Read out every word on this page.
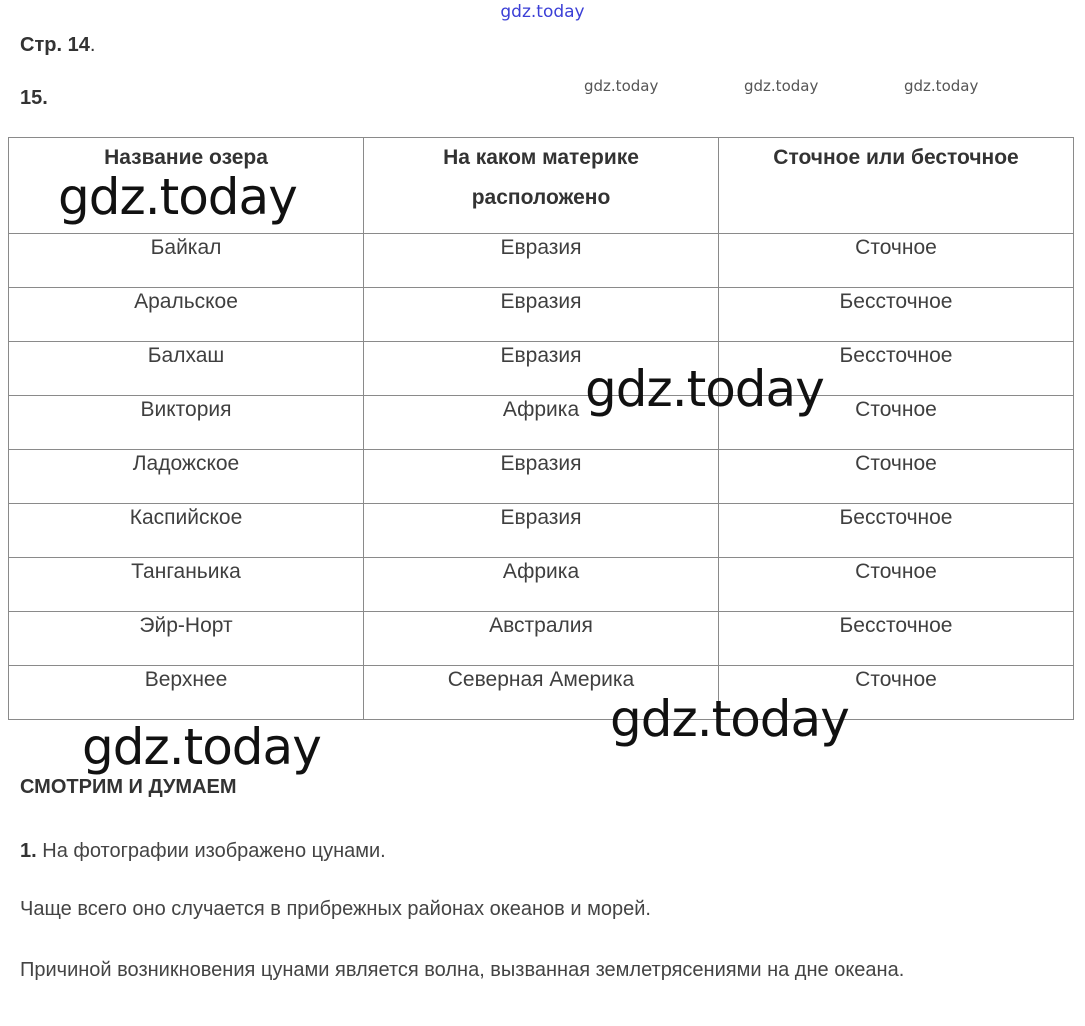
gdz.today
gdz.today	gdz.today	gdz.today
Стр. 14.
15.
Название озера	На каком материке расположено	Сточное или бесточное
Байкал	Евразия	Сточное
Аральское	Евразия	Бессточное
Балхаш	Евразия	Бессточное
Виктория	Африка	Сточное
Ладожское	Евразия	Сточное
Каспийское	Евразия	Бессточное
Танганьика	Африка	Сточное
Эйр-Норт	Австралия	Бессточное
Верхнее	Северная Америка	Сточное
gdz.today
gdz.today
gdz.today
gdz.today
СМОТРИМ И ДУМАЕМ
1. На фотографии изображено цунами.
Чаще всего оно случается в прибрежных районах океанов и морей.
Причиной возникновения цунами является волна, вызванная землетрясениями на дне океана.
